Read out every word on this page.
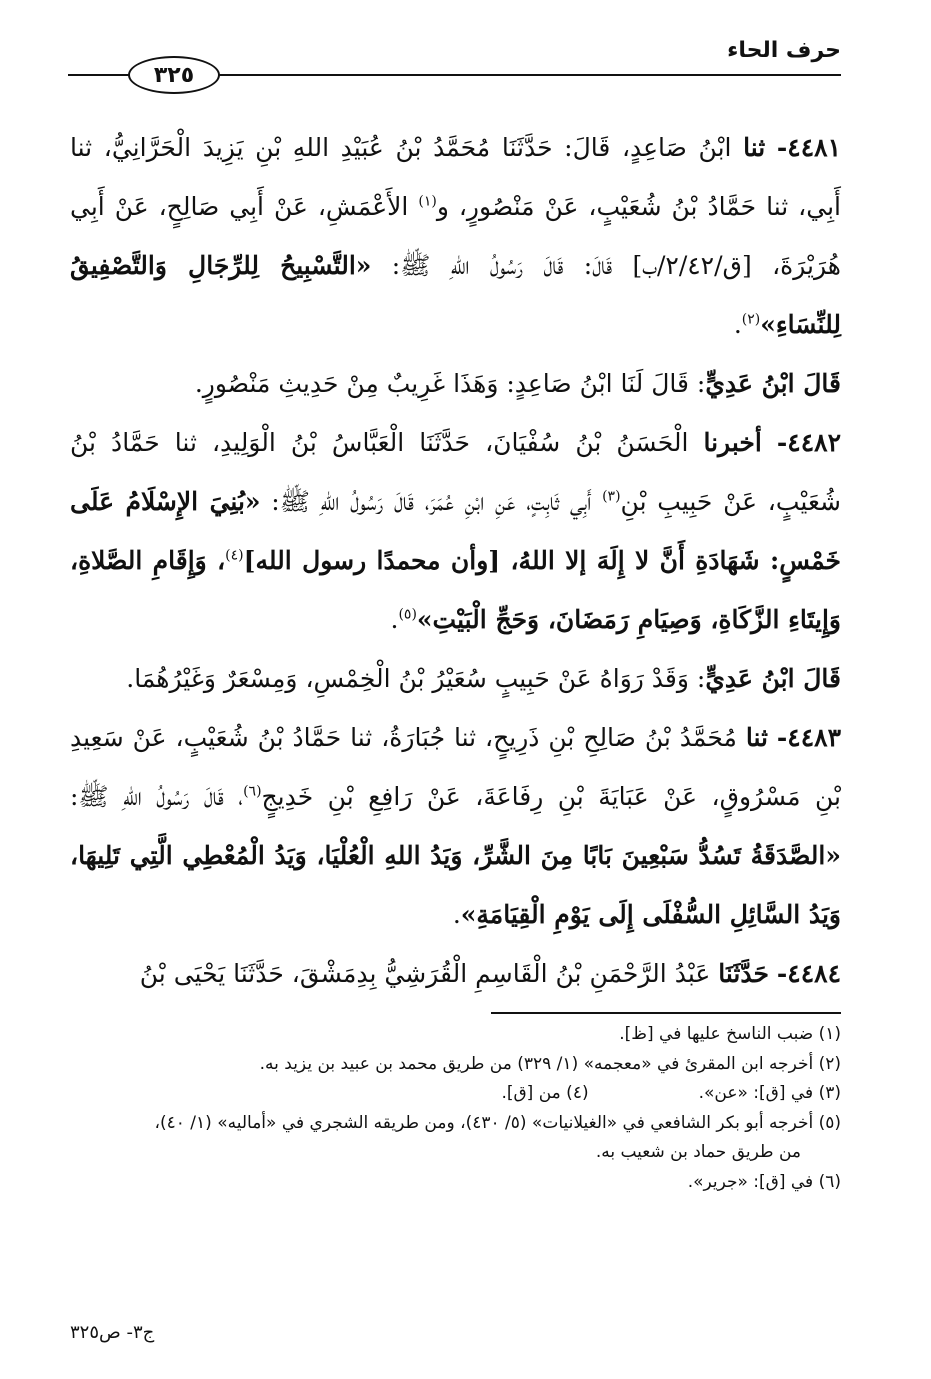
حرف الحاء
٣٢٥

٤٤٨١- ثنا ابْنُ صَاعِدٍ، قَالَ: حَدَّثَنَا مُحَمَّدُ بْنُ عُبَيْدِ اللهِ بْنِ يَزِيدَ الْحَرَّانِيُّ، ثنا أَبِي، ثنا حَمَّادُ بْنُ شُعَيْبٍ، عَنْ مَنْصُورٍ، و$^{(١)}$ الأَعْمَشِ، عَنْ أَبِي صَالِحٍ، عَنْ أَبِي هُرَيْرَةَ، [ق/٢/٤٢/ب] قَالَ: قَالَ رَسُولُ اللهِ ﷺ: «التَّسْبِيحُ لِلرِّجَالِ وَالتَّصْفِيقُ لِلنِّسَاءِ»$^{(٢)}$.

قَالَ ابْنُ عَدِيٍّ: قَالَ لَنَا ابْنُ صَاعِدٍ: وَهَذَا غَرِيبٌ مِنْ حَدِيثِ مَنْصُورٍ.

٤٤٨٢- أخبرنا الْحَسَنُ بْنُ سُفْيَانَ، حَدَّثَنَا الْعَبَّاسُ بْنُ الْوَلِيدِ، ثنا حَمَّادُ بْنُ شُعَيْبٍ، عَنْ حَبِيبِ بْنِ$^{(٣)}$ أَبِي ثَابِتٍ، عَنِ ابْنِ عُمَرَ، قَالَ رَسُولُ اللهِ ﷺ: «بُنِيَ الإِسْلَامُ عَلَى خَمْسٍ: شَهَادَةِ أَنَّ لا إِلَهَ إلا اللهُ، [وأن محمدًا رسول الله]$^{(٤)}$، وَإِقَامِ الصَّلاةِ، وَإِيتَاءِ الزَّكَاةِ، وَصِيَامِ رَمَضَانَ، وَحَجِّ الْبَيْتِ»$^{(٥)}$.

قَالَ ابْنُ عَدِيٍّ: وَقَدْ رَوَاهُ عَنْ حَبِيبٍ سُعَيْرُ بْنُ الْخِمْسِ، وَمِسْعَرٌ وَغَيْرُهُمَا.

٤٤٨٣- ثنا مُحَمَّدُ بْنُ صَالِحِ بْنِ ذَرِيحٍ، ثنا جُبَارَةُ، ثنا حَمَّادُ بْنُ شُعَيْبٍ، عَنْ سَعِيدِ بْنِ مَسْرُوقٍ، عَنْ عَبَايَةَ بْنِ رِفَاعَةَ، عَنْ رَافِعِ بْنِ خَدِيجٍ$^{(٦)}$، قَالَ رَسُولُ اللهِ ﷺ: «الصَّدَقَةُ تَسُدُّ سَبْعِينَ بَابًا مِنَ الشَّرِّ، وَيَدُ اللهِ الْعُلْيَا، وَيَدُ الْمُعْطِي الَّتِي تَلِيهَا، وَيَدُ السَّائِلِ السُّفْلَى إِلَى يَوْمِ الْقِيَامَةِ».

٤٤٨٤- حَدَّثَنَا عَبْدُ الرَّحْمَنِ بْنُ الْقَاسِمِ الْقُرَشِيُّ بِدِمَشْقَ، حَدَّثَنَا يَحْيَى بْنُ

(١) ضبب الناسخ عليها في [ظ].

(٢) أخرجه ابن المقرئ في «معجمه» (١/ ٣٢٩) من طريق محمد بن عبيد بن يزيد به.

(٣) في [ق]: «عن».
(٤) من [ق].

(٥) أخرجه أبو بكر الشافعي في «الغيلانيات» (٥/ ٤٣٠)، ومن طريقه الشجري في «أماليه» (١/ ٤٠)،

من طريق حماد بن شعيب به.

(٦) في [ق]: «جرير».

ج٣- ص٣٢٥
